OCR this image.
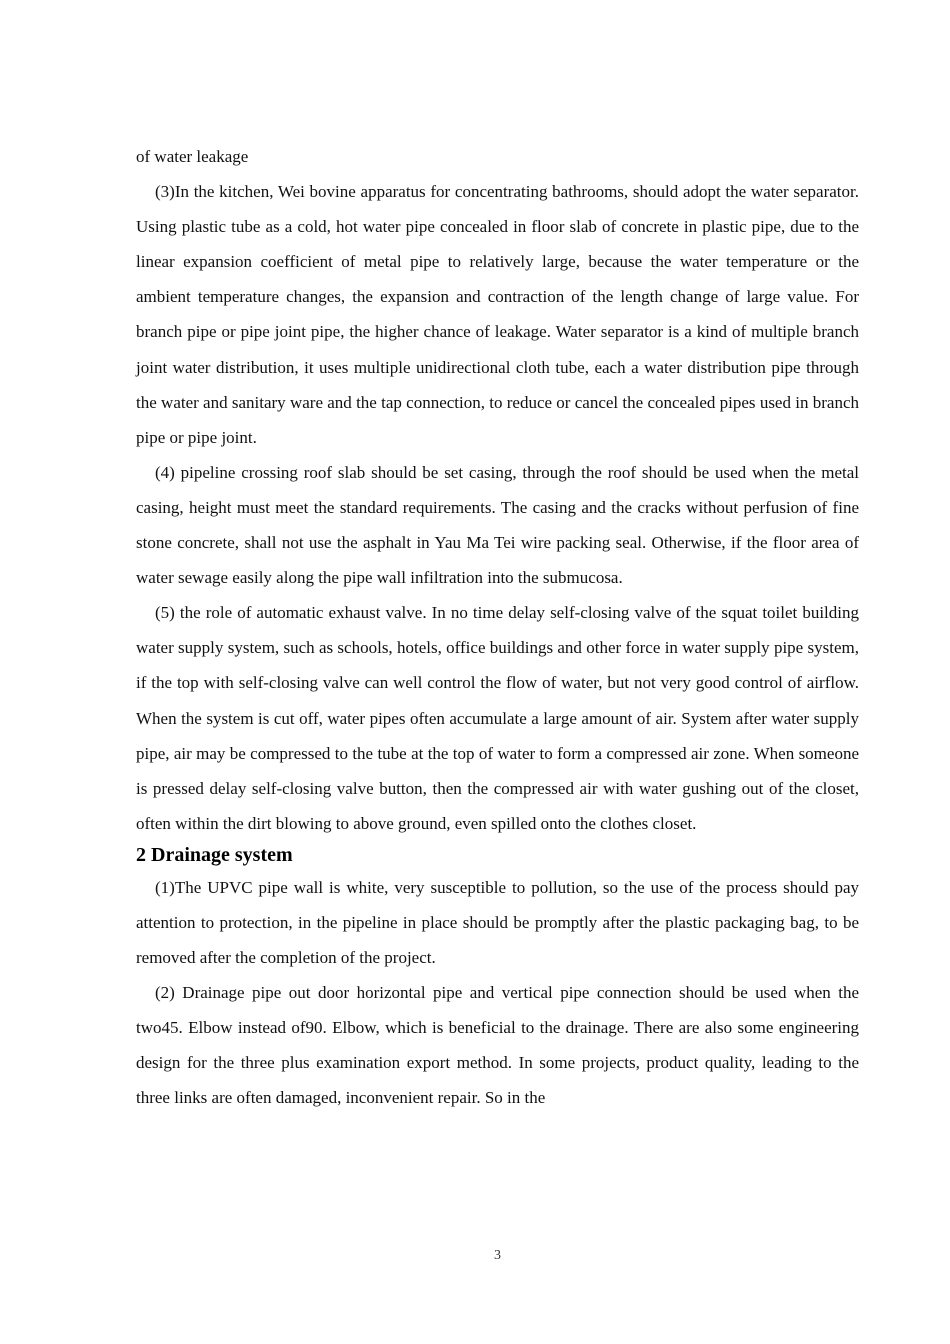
of water leakage

(3)In the kitchen, Wei bovine apparatus for concentrating bathrooms, should adopt the water separator. Using plastic tube as a cold, hot water pipe concealed in floor slab of concrete in plastic pipe, due to the linear expansion coefficient of metal pipe to relatively large, because the water temperature or the ambient temperature changes, the expansion and contraction of the length change of large value. For branch pipe or pipe joint pipe, the higher chance of leakage. Water separator is a kind of multiple branch joint water distribution, it uses multiple unidirectional cloth tube, each a water distribution pipe through the water and sanitary ware and the tap connection, to reduce or cancel the concealed pipes used in branch pipe or pipe joint.

(4) pipeline crossing roof slab should be set casing, through the roof should be used when the metal casing, height must meet the standard requirements. The casing and the cracks without perfusion of fine stone concrete, shall not use the asphalt in Yau Ma Tei wire packing seal. Otherwise, if the floor area of water sewage easily along the pipe wall infiltration into the submucosa.

(5) the role of automatic exhaust valve. In no time delay self-closing valve of the squat toilet building water supply system, such as schools, hotels, office buildings and other force in water supply pipe system, if the top with self-closing valve can well control the flow of water, but not very good control of airflow. When the system is cut off, water pipes often accumulate a large amount of air. System after water supply pipe, air may be compressed to the tube at the top of water to form a compressed air zone. When someone is pressed delay self-closing valve button, then the compressed air with water gushing out of the closet, often within the dirt blowing to above ground, even spilled onto the clothes closet.

2 Drainage system

(1)The UPVC pipe wall is white, very susceptible to pollution, so the use of the process should pay attention to protection, in the pipeline in place should be promptly after the plastic packaging bag, to be removed after the completion of the project.

(2) Drainage pipe out door horizontal pipe and vertical pipe connection should be used when the two45. Elbow instead of90. Elbow, which is beneficial to the drainage. There are also some engineering design for the three plus examination export method. In some projects, product quality, leading to the three links are often damaged, inconvenient repair. So in the

3
